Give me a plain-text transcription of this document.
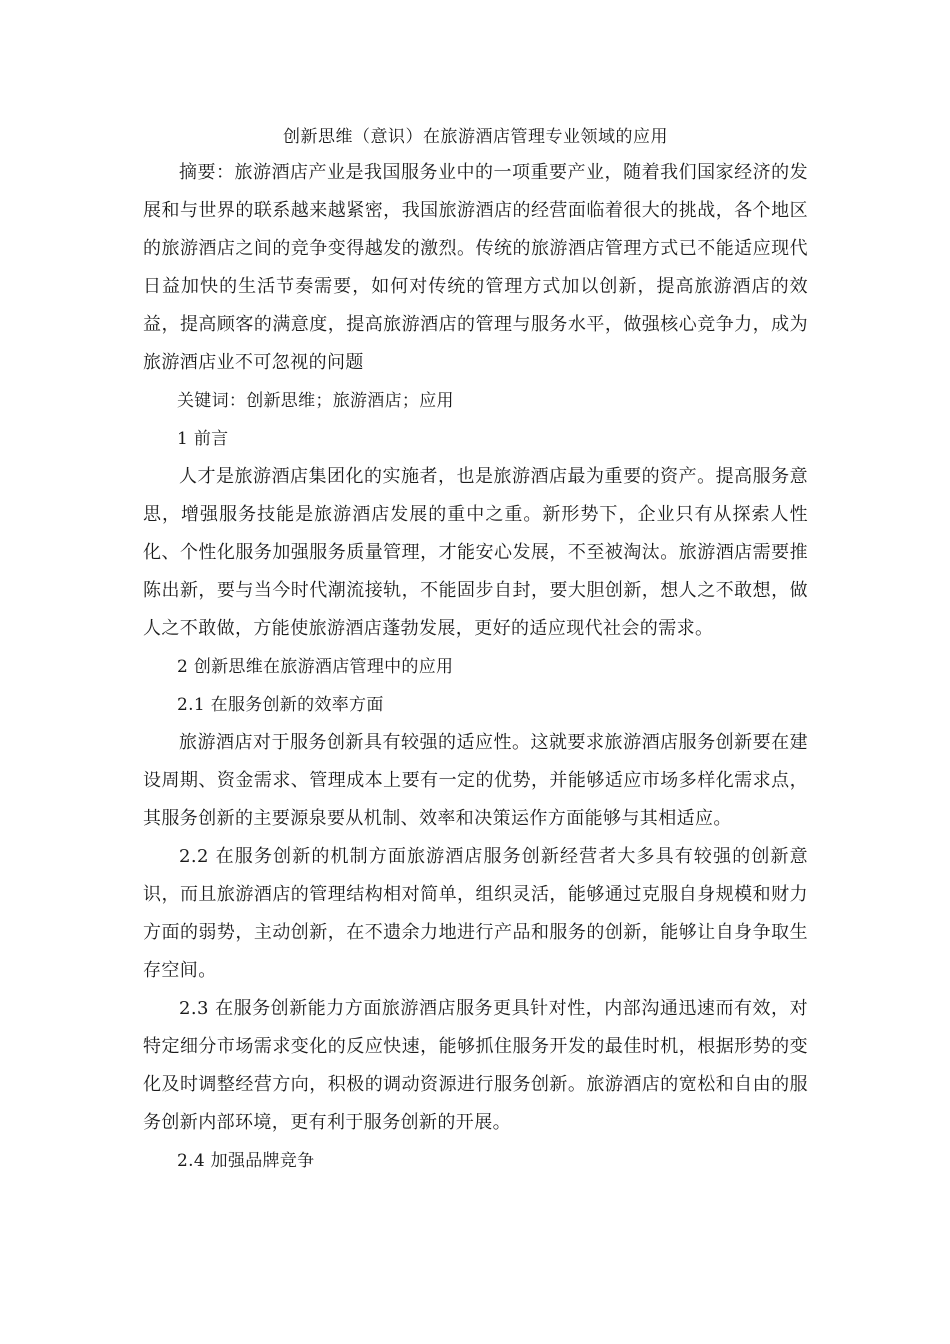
创新思维（意识）在旅游酒店管理专业领域的应用

摘要：旅游酒店产业是我国服务业中的一项重要产业，随着我们国家经济的发展和与世界的联系越来越紧密，我国旅游酒店的经营面临着很大的挑战，各个地区的旅游酒店之间的竞争变得越发的激烈。传统的旅游酒店管理方式已不能适应现代日益加快的生活节奏需要，如何对传统的管理方式加以创新，提高旅游酒店的效益，提高顾客的满意度，提高旅游酒店的管理与服务水平，做强核心竞争力，成为旅游酒店业不可忽视的问题

关键词：创新思维；旅游酒店；应用

1 前言

人才是旅游酒店集团化的实施者，也是旅游酒店最为重要的资产。提高服务意思，增强服务技能是旅游酒店发展的重中之重。新形势下，企业只有从探索人性化、个性化服务加强服务质量管理，才能安心发展，不至被淘汰。旅游酒店需要推陈出新，要与当今时代潮流接轨，不能固步自封，要大胆创新，想人之不敢想，做人之不敢做，方能使旅游酒店蓬勃发展，更好的适应现代社会的需求。

2 创新思维在旅游酒店管理中的应用

2.1 在服务创新的效率方面

旅游酒店对于服务创新具有较强的适应性。这就要求旅游酒店服务创新要在建设周期、资金需求、管理成本上要有一定的优势，并能够适应市场多样化需求点，其服务创新的主要源泉要从机制、效率和决策运作方面能够与其相适应。

2.2 在服务创新的机制方面旅游酒店服务创新经营者大多具有较强的创新意识，而且旅游酒店的管理结构相对简单，组织灵活，能够通过克服自身规模和财力方面的弱势，主动创新，在不遗余力地进行产品和服务的创新，能够让自身争取生存空间。

2.3 在服务创新能力方面旅游酒店服务更具针对性，内部沟通迅速而有效，对特定细分市场需求变化的反应快速，能够抓住服务开发的最佳时机，根据形势的变化及时调整经营方向，积极的调动资源进行服务创新。旅游酒店的宽松和自由的服务创新内部环境，更有利于服务创新的开展。

2.4 加强品牌竞争
